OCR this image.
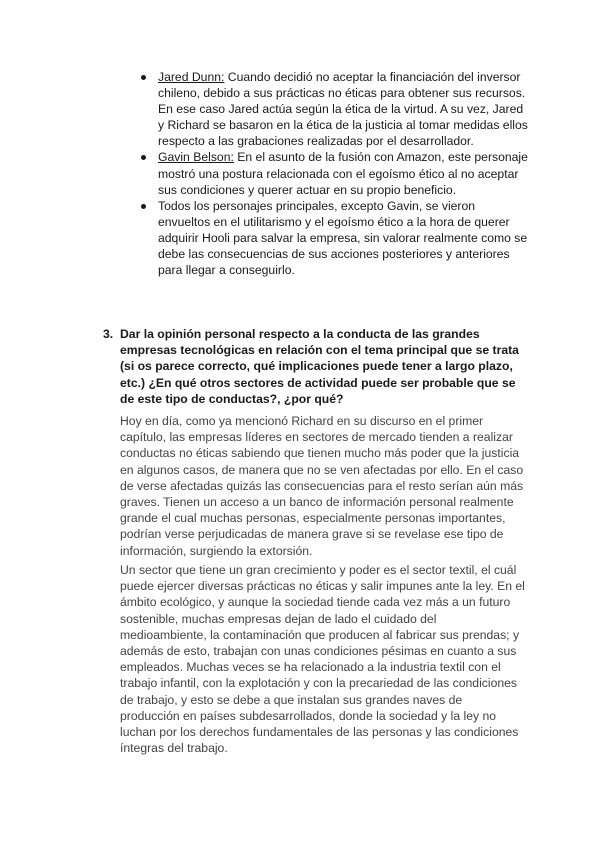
Jared Dunn: Cuando decidió no aceptar la financiación del inversor chileno, debido a sus prácticas no éticas para obtener sus recursos. En ese caso Jared actúa según la ética de la virtud. A su vez, Jared y Richard se basaron en la ética de la justicia al tomar medidas ellos respecto a las grabaciones realizadas por el desarrollador.
Gavin Belson: En el asunto de la fusión con Amazon, este personaje mostró una postura relacionada con el egoísmo ético al no aceptar sus condiciones y querer actuar en su propio beneficio.
Todos los personajes principales, excepto Gavin, se vieron envueltos en el utilitarismo y el egoísmo ético a la hora de querer adquirir Hooli para salvar la empresa, sin valorar realmente como se debe las consecuencias de sus acciones posteriores y anteriores para llegar a conseguirlo.
3. Dar la opinión personal respecto a la conducta de las grandes empresas tecnológicas en relación con el tema principal que se trata (si os parece correcto, qué implicaciones puede tener a largo plazo, etc.) ¿En qué otros sectores de actividad puede ser probable que se de este tipo de conductas?, ¿por qué?

Hoy en día, como ya mencionó Richard en su discurso en el primer capítulo, las empresas líderes en sectores de mercado tienden a realizar conductas no éticas sabiendo que tienen mucho más poder que la justicia en algunos casos, de manera que no se ven afectadas por ello. En el caso de verse afectadas quizás las consecuencias para el resto serían aún más graves. Tienen un acceso a un banco de información personal realmente grande el cual muchas personas, especialmente personas importantes, podrían verse perjudicadas de manera grave si se revelase ese tipo de información, surgiendo la extorsión.

Un sector que tiene un gran crecimiento y poder es el sector textil, el cuál puede ejercer diversas prácticas no éticas y salir impunes ante la ley. En el ámbito ecológico, y aunque la sociedad tiende cada vez más a un futuro sostenible, muchas empresas dejan de lado el cuidado del medioambiente, la contaminación que producen al fabricar sus prendas; y además de esto, trabajan con unas condiciones pésimas en cuanto a sus empleados. Muchas veces se ha relacionado a la industria textil con el trabajo infantil, con la explotación y con la precariedad de las condiciones de trabajo, y esto se debe a que instalan sus grandes naves de producción en países subdesarrollados, donde la sociedad y la ley no luchan por los derechos fundamentales de las personas y las condiciones íntegras del trabajo.
